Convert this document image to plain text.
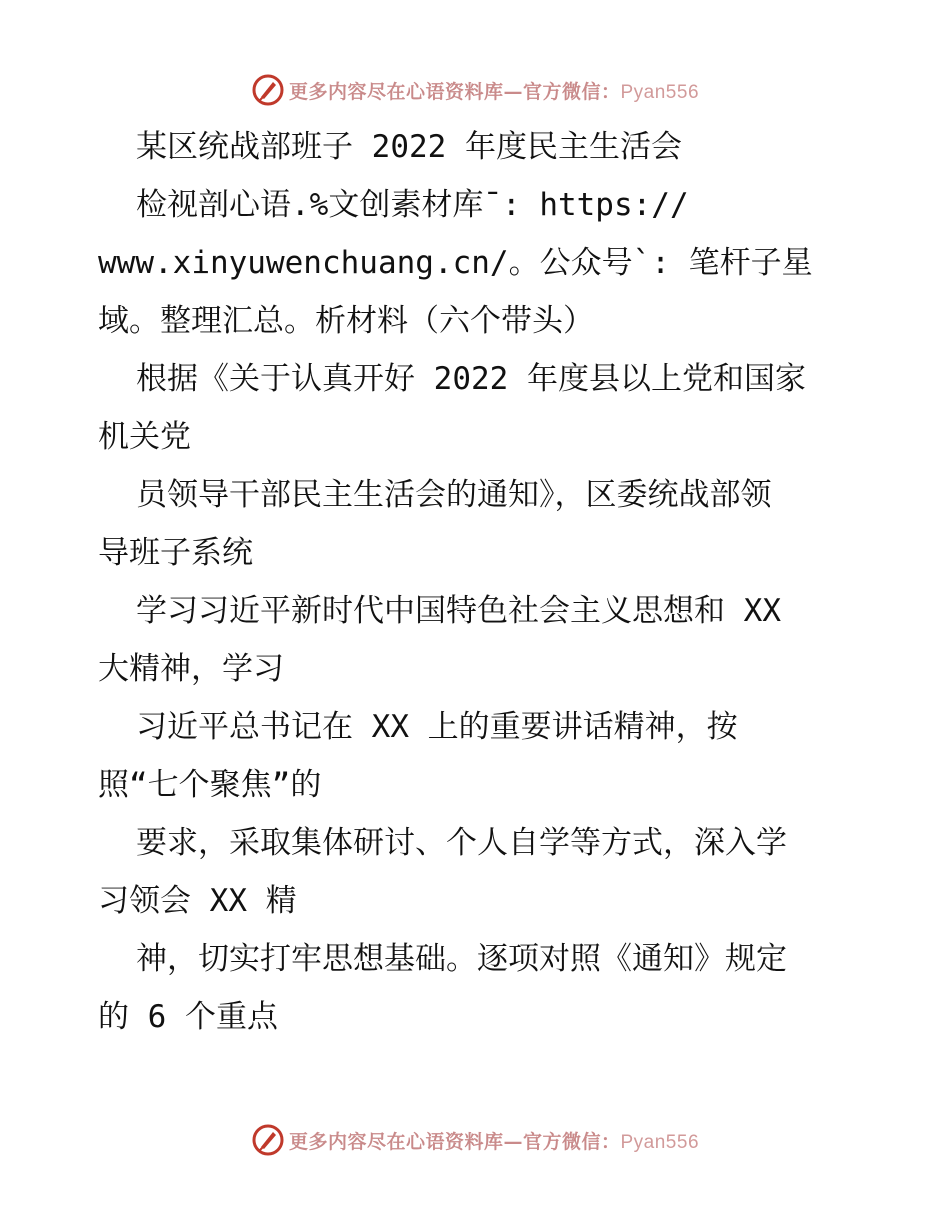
更多内容尽在心语资料库—官方微信：Pyan556
某区统战部班子 2022 年度民主生活会
检视剖心语.%文创素材库¯: https://
www.xinyuwenchuang.cn/。公众号`: 笔杆子星
域。整理汇总。析材料（六个带头）
根据《关于认真开好 2022 年度县以上党和国家
机关党
员领导干部民主生活会的通知》，区委统战部领
导班子系统
学习习近平新时代中国特色社会主义思想和 XX
大精神，学习
习近平总书记在 XX 上的重要讲话精神，按
照“七个聚焦”的
要求，采取集体研讨、个人自学等方式，深入学
习领会 XX 精
神，切实打牢思想基础。逐项对照《通知》规定
的 6 个重点
更多内容尽在心语资料库—官方微信：Pyan556
